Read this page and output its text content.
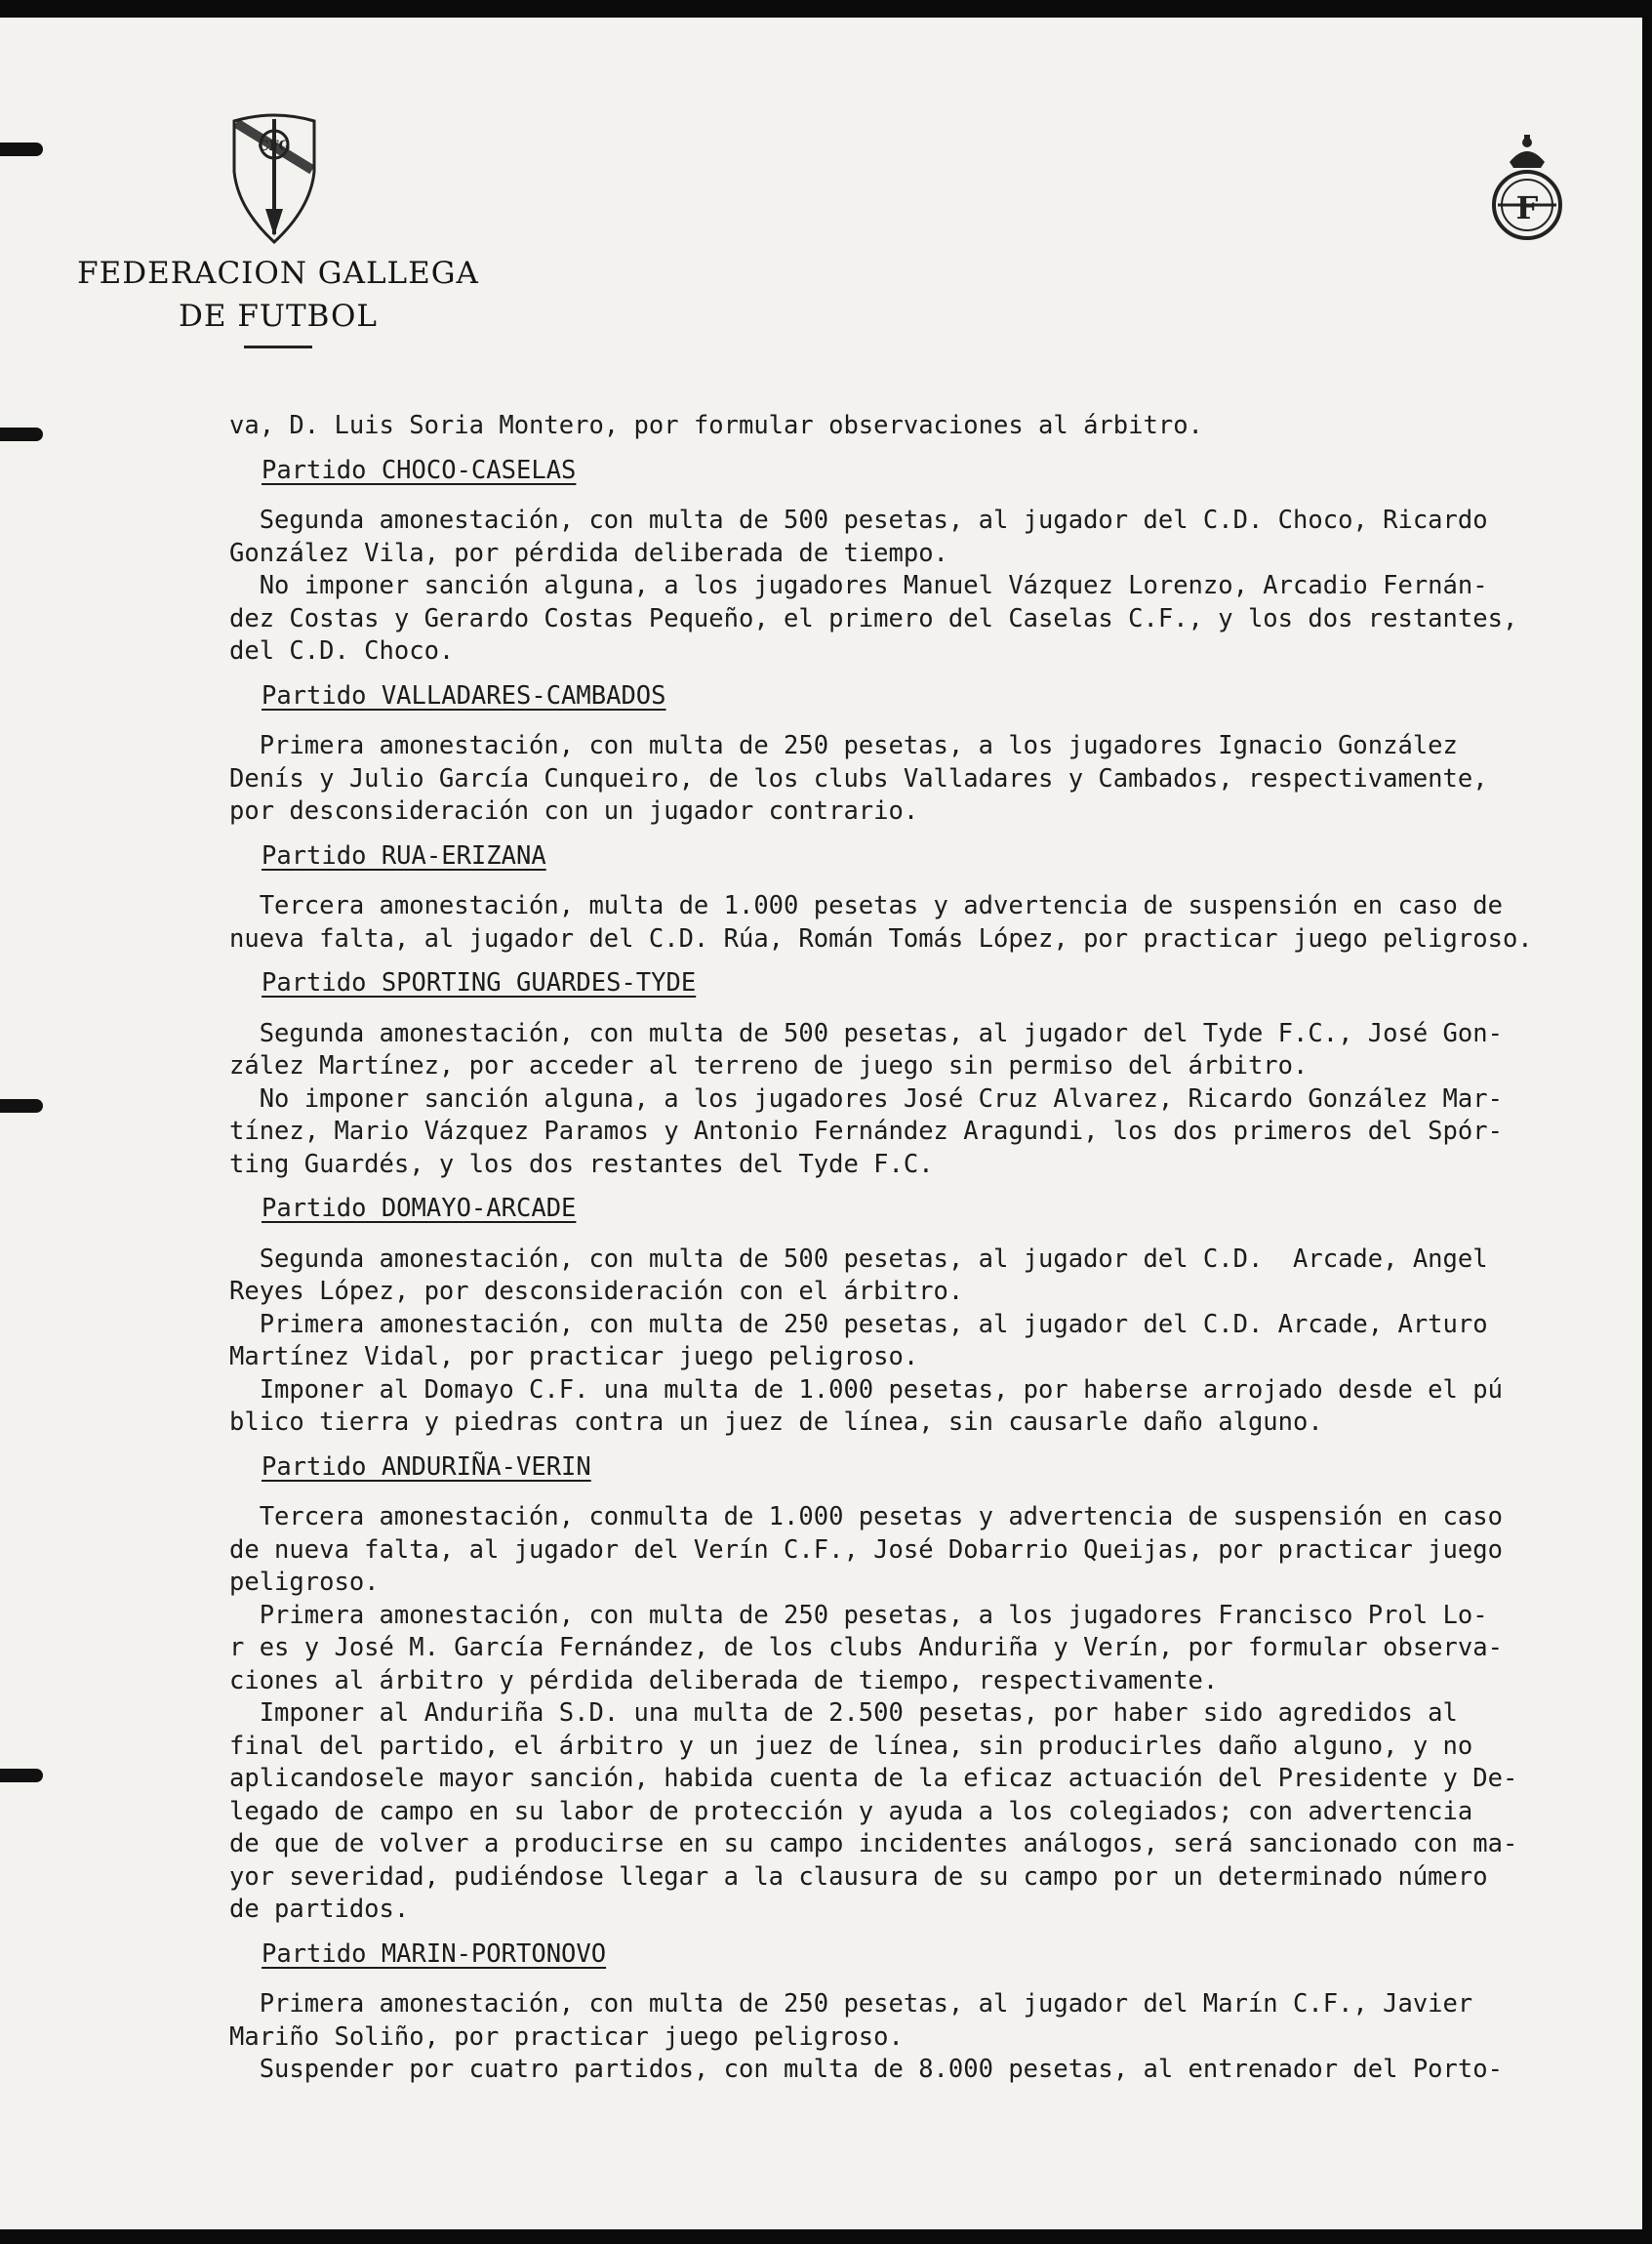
CFG
F
FEDERACION GALLEGA
DE FUTBOL
va, D. Luis Soria Montero, por formular observaciones al árbitro.
Partido CHOCO-CASELAS
Segunda amonestación, con multa de 500 pesetas, al jugador del C.D. Choco, Ricardo
González Vila, por pérdida deliberada de tiempo.
No imponer sanción alguna, a los jugadores Manuel Vázquez Lorenzo, Arcadio Fernán-
dez Costas y Gerardo Costas Pequeño, el primero del Caselas C.F., y los dos restantes,
del C.D. Choco.
Partido VALLADARES-CAMBADOS
Primera amonestación, con multa de 250 pesetas, a los jugadores Ignacio González
Denís y Julio García Cunqueiro, de los clubs Valladares y Cambados, respectivamente,
por desconsideración con un jugador contrario.
Partido RUA-ERIZANA
Tercera amonestación, multa de 1.000 pesetas y advertencia de suspensión en caso de
nueva falta, al jugador del C.D. Rúa, Román Tomás López, por practicar juego peligroso.
Partido SPORTING GUARDES-TYDE
Segunda amonestación, con multa de 500 pesetas, al jugador del Tyde F.C., José Gon-
zález Martínez, por acceder al terreno de juego sin permiso del árbitro.
No imponer sanción alguna, a los jugadores José Cruz Alvarez, Ricardo González Mar-
tínez, Mario Vázquez Paramos y Antonio Fernández Aragundi, los dos primeros del Spór-
ting Guardés, y los dos restantes del Tyde F.C.
Partido DOMAYO-ARCADE
Segunda amonestación, con multa de 500 pesetas, al jugador del C.D.  Arcade, Angel
Reyes López, por desconsideración con el árbitro.
Primera amonestación, con multa de 250 pesetas, al jugador del C.D. Arcade, Arturo
Martínez Vidal, por practicar juego peligroso.
Imponer al Domayo C.F. una multa de 1.000 pesetas, por haberse arrojado desde el pú
blico tierra y piedras contra un juez de línea, sin causarle daño alguno.
Partido ANDURIÑA-VERIN
Tercera amonestación, conmulta de 1.000 pesetas y advertencia de suspensión en caso
de nueva falta, al jugador del Verín C.F., José Dobarrio Queijas, por practicar juego
peligroso.
Primera amonestación, con multa de 250 pesetas, a los jugadores Francisco Prol Lo-
r es y José M. García Fernández, de los clubs Anduriña y Verín, por formular observa-
ciones al árbitro y pérdida deliberada de tiempo, respectivamente.
Imponer al Anduriña S.D. una multa de 2.500 pesetas, por haber sido agredidos al
final del partido, el árbitro y un juez de línea, sin producirles daño alguno, y no
aplicandosele mayor sanción, habida cuenta de la eficaz actuación del Presidente y De-
legado de campo en su labor de protección y ayuda a los colegiados; con advertencia
de que de volver a producirse en su campo incidentes análogos, será sancionado con ma-
yor severidad, pudiéndose llegar a la clausura de su campo por un determinado número
de partidos.
Partido MARIN-PORTONOVO
Primera amonestación, con multa de 250 pesetas, al jugador del Marín C.F., Javier
Mariño Soliño, por practicar juego peligroso.
Suspender por cuatro partidos, con multa de 8.000 pesetas, al entrenador del Porto-
